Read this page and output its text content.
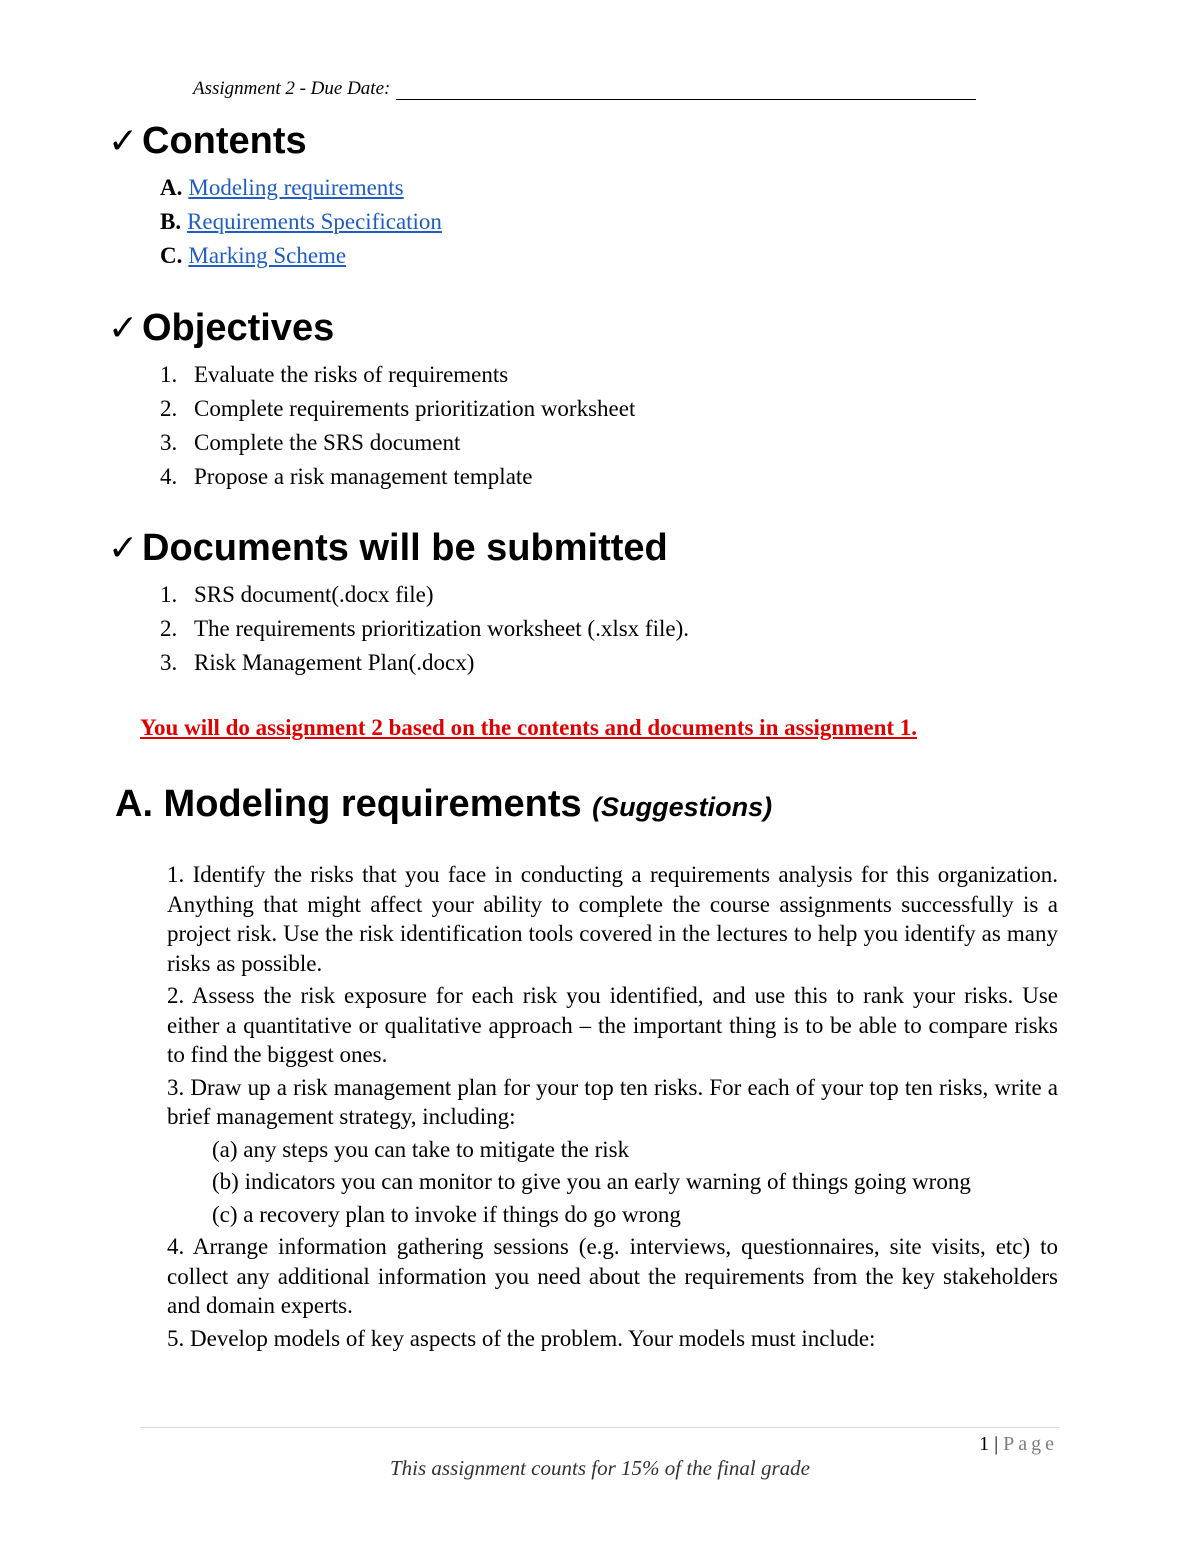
Assignment 2 - Due Date:
✓ Contents
A. Modeling requirements
B. Requirements Specification
C. Marking Scheme
✓ Objectives
1. Evaluate the risks of requirements
2. Complete requirements prioritization worksheet
3. Complete the SRS document
4. Propose a risk management template
✓ Documents will be submitted
1. SRS document(.docx file)
2. The requirements prioritization worksheet (.xlsx file).
3. Risk Management Plan(.docx)
You will do assignment 2 based on the contents and documents in assignment 1.
A. Modeling requirements (Suggestions)

1. Identify the risks that you face in conducting a requirements analysis for this organization. Anything that might affect your ability to complete the course assignments successfully is a project risk. Use the risk identification tools covered in the lectures to help you identify as many risks as possible.

2. Assess the risk exposure for each risk you identified, and use this to rank your risks. Use either a quantitative or qualitative approach – the important thing is to be able to compare risks to find the biggest ones.

3. Draw up a risk management plan for your top ten risks. For each of your top ten risks, write a brief management strategy, including:

(a) any steps you can take to mitigate the risk

(b) indicators you can monitor to give you an early warning of things going wrong

(c) a recovery plan to invoke if things do go wrong

4. Arrange information gathering sessions (e.g. interviews, questionnaires, site visits, etc) to collect any additional information you need about the requirements from the key stakeholders and domain experts.

5. Develop models of key aspects of the problem. Your models must include:

1 | Page
This assignment counts for 15% of the final grade
